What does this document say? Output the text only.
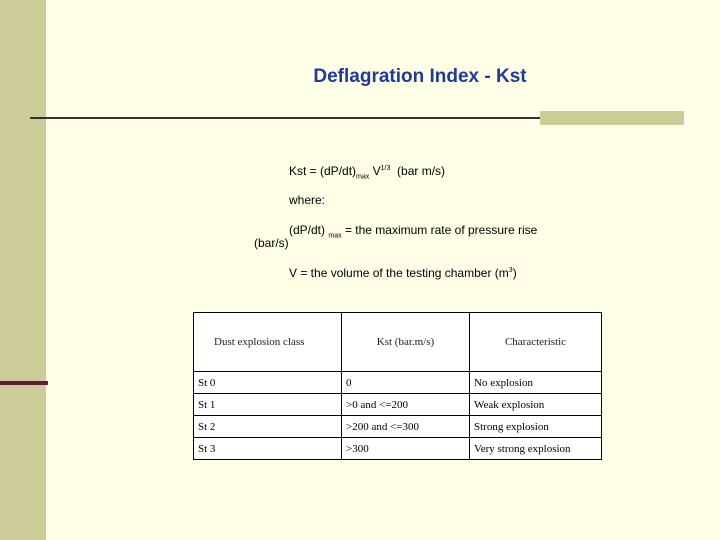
Deflagration Index - Kst
Kst = $(dP/dt)_{max}$ $V^{1/3}$ (bar m/s)
where:
(dP/dt) $_{max}$ = the maximum rate of pressure rise
(bar/s)
V = the volume of the testing chamber $(m^3)$
Dust explosion class	Kst (bar.m/s)	Characteristic
St 0	0	No explosion
St 1	>0 and <=200	Weak explosion
St 2	>200 and <=300	Strong explosion
St 3	>300	Very strong explosion
